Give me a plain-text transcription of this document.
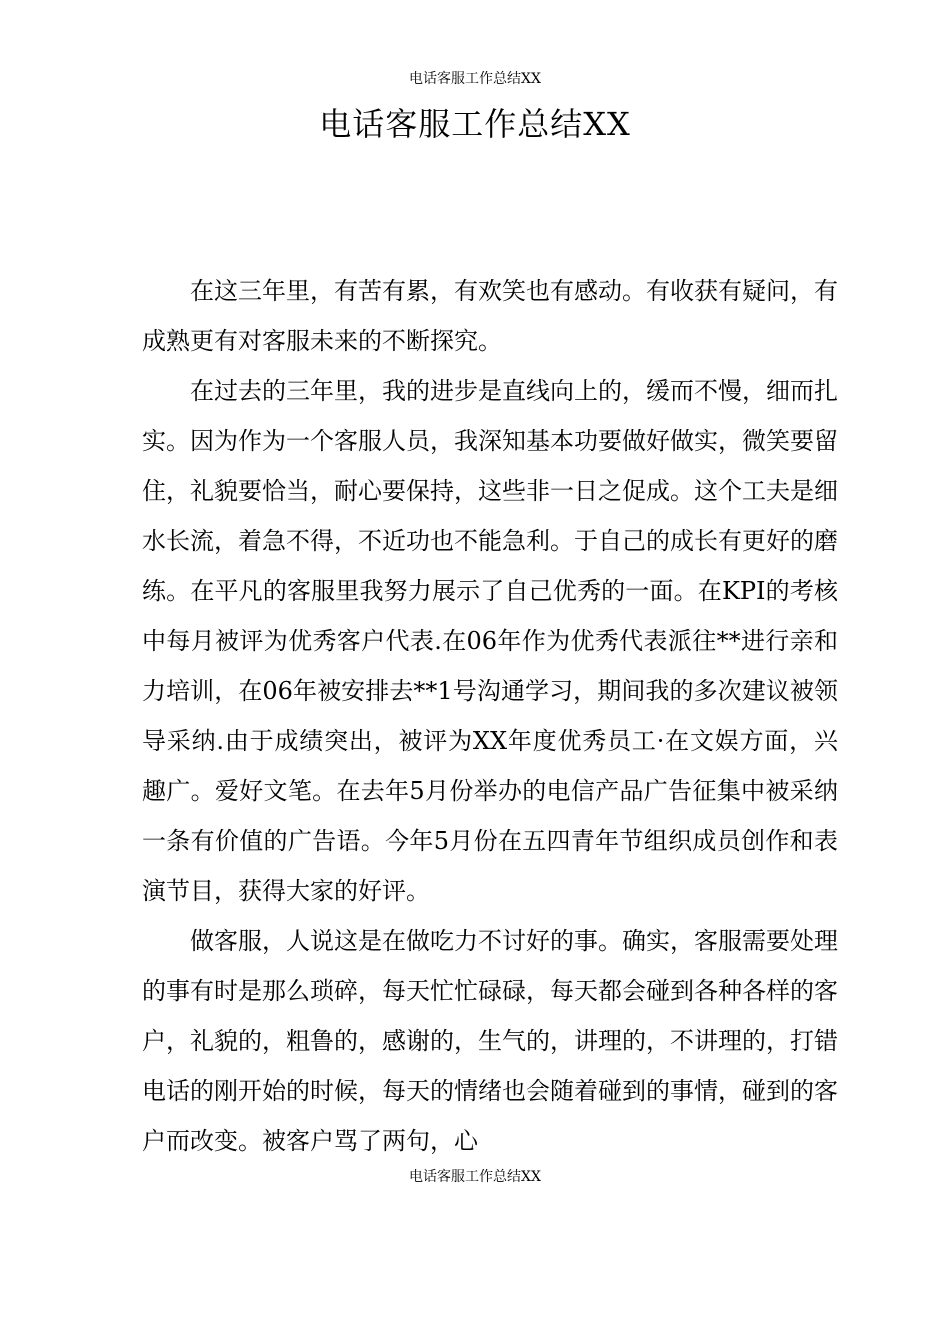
电话客服工作总结XX
电话客服工作总结XX

在这三年里，有苦有累，有欢笑也有感动。有收获有疑问，有成熟更有对客服未来的不断探究。

在过去的三年里，我的进步是直线向上的，缓而不慢，细而扎实。因为作为一个客服人员，我深知基本功要做好做实，微笑要留住，礼貌要恰当，耐心要保持，这些非一日之促成。这个工夫是细水长流，着急不得，不近功也不能急利。于自己的成长有更好的磨练。在平凡的客服里我努力展示了自己优秀的一面。在KPI的考核中每月被评为优秀客户代表.在06年作为优秀代表派往**进行亲和力培训，在06年被安排去**1号沟通学习，期间我的多次建议被领导采纳.由于成绩突出，被评为XX年度优秀员工·在文娱方面，兴趣广。爱好文笔。在去年5月份举办的电信产品广告征集中被采纳一条有价值的广告语。今年5月份在五四青年节组织成员创作和表演节目，获得大家的好评。

做客服，人说这是在做吃力不讨好的事。确实，客服需要处理的事有时是那么琐碎，每天忙忙碌碌，每天都会碰到各种各样的客户，礼貌的，粗鲁的，感谢的，生气的，讲理的，不讲理的，打错电话的刚开始的时候，每天的情绪也会随着碰到的事情，碰到的客户而改变。被客户骂了两句，心

电话客服工作总结XX
